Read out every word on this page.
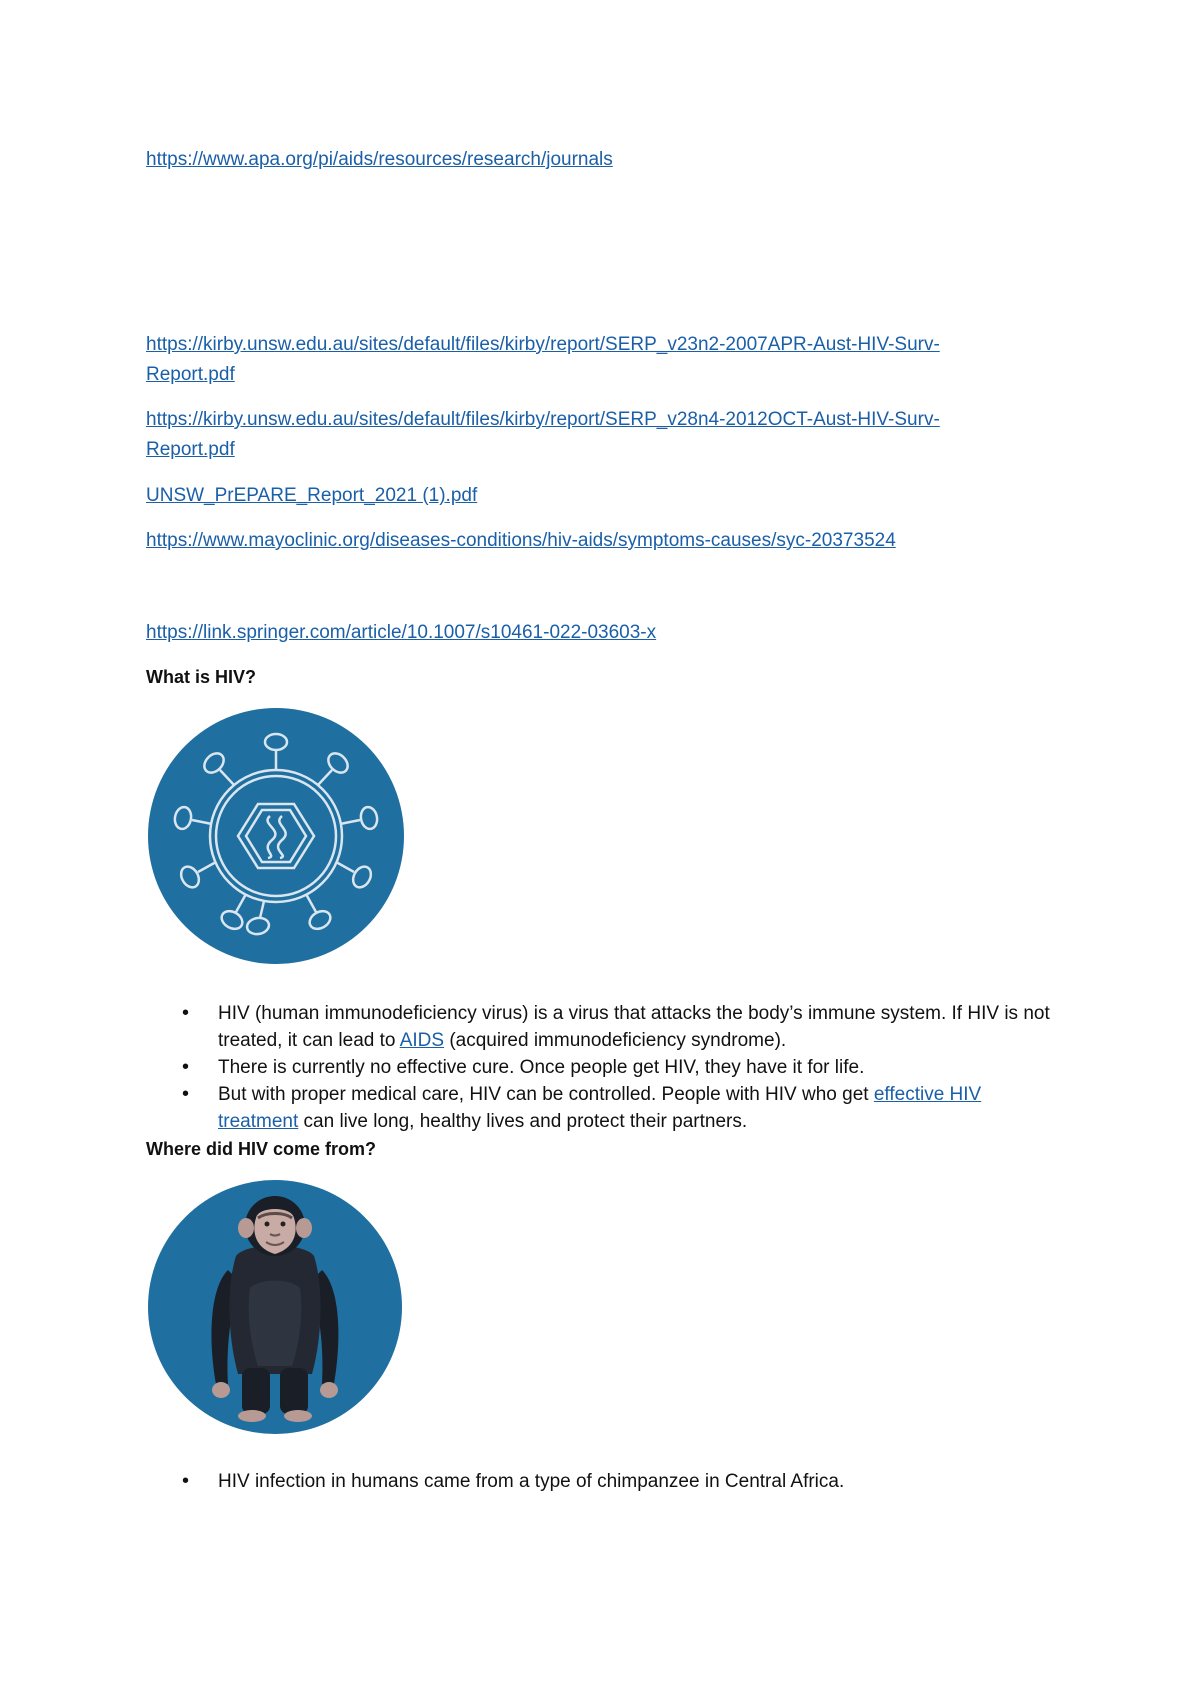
https://www.apa.org/pi/aids/resources/research/journals
https://kirby.unsw.edu.au/sites/default/files/kirby/report/SERP_v23n2-2007APR-Aust-HIV-Surv-
Report.pdf
https://kirby.unsw.edu.au/sites/default/files/kirby/report/SERP_v28n4-2012OCT-Aust-HIV-Surv-
Report.pdf
UNSW_PrEPARE_Report_2021 (1).pdf
https://www.mayoclinic.org/diseases-conditions/hiv-aids/symptoms-causes/syc-20373524
https://link.springer.com/article/10.1007/s10461-022-03603-x
What is HIV?
• HIV (human immunodeficiency virus) is a virus that attacks the body’s immune system. If HIV is not treated, it can lead to AIDS (acquired immunodeficiency syndrome).
• There is currently no effective cure. Once people get HIV, they have it for life.
• But with proper medical care, HIV can be controlled. People with HIV who get effective HIV treatment can live long, healthy lives and protect their partners.
Where did HIV come from?
• HIV infection in humans came from a type of chimpanzee in Central Africa.
